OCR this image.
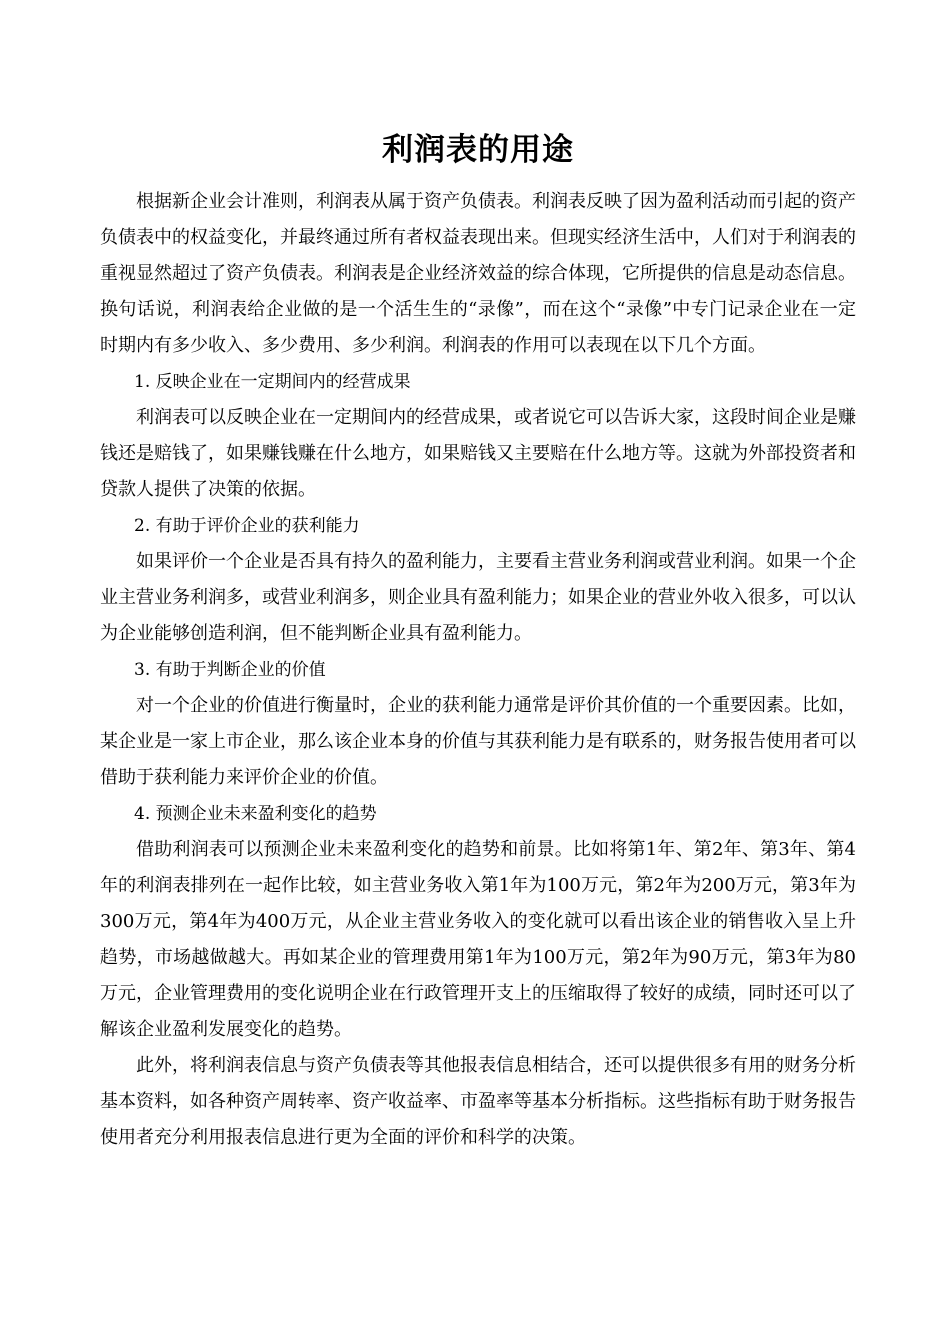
利润表的用途

根据新企业会计准则，利润表从属于资产负债表。利润表反映了因为盈利活动而引起的资产负债表中的权益变化，并最终通过所有者权益表现出来。但现实经济生活中，人们对于利润表的重视显然超过了资产负债表。利润表是企业经济效益的综合体现，它所提供的信息是动态信息。换句话说，利润表给企业做的是一个活生生的“录像”，而在这个“录像”中专门记录企业在一定时期内有多少收入、多少费用、多少利润。利润表的作用可以表现在以下几个方面。

1. 反映企业在一定期间内的经营成果

利润表可以反映企业在一定期间内的经营成果，或者说它可以告诉大家，这段时间企业是赚钱还是赔钱了，如果赚钱赚在什么地方，如果赔钱又主要赔在什么地方等。这就为外部投资者和贷款人提供了决策的依据。

2. 有助于评价企业的获利能力

如果评价一个企业是否具有持久的盈利能力，主要看主营业务利润或营业利润。如果一个企业主营业务利润多，或营业利润多，则企业具有盈利能力；如果企业的营业外收入很多，可以认为企业能够创造利润，但不能判断企业具有盈利能力。

3. 有助于判断企业的价值

对一个企业的价值进行衡量时，企业的获利能力通常是评价其价值的一个重要因素。比如，某企业是一家上市企业，那么该企业本身的价值与其获利能力是有联系的，财务报告使用者可以借助于获利能力来评价企业的价值。

4. 预测企业未来盈利变化的趋势

借助利润表可以预测企业未来盈利变化的趋势和前景。比如将第1年、第2年、第3年、第4年的利润表排列在一起作比较，如主营业务收入第1年为100万元，第2年为200万元，第3年为300万元，第4年为400万元，从企业主营业务收入的变化就可以看出该企业的销售收入呈上升趋势，市场越做越大。再如某企业的管理费用第1年为100万元，第2年为90万元，第3年为80万元，企业管理费用的变化说明企业在行政管理开支上的压缩取得了较好的成绩，同时还可以了解该企业盈利发展变化的趋势。

此外，将利润表信息与资产负债表等其他报表信息相结合，还可以提供很多有用的财务分析基本资料，如各种资产周转率、资产收益率、市盈率等基本分析指标。这些指标有助于财务报告使用者充分利用报表信息进行更为全面的评价和科学的决策。
